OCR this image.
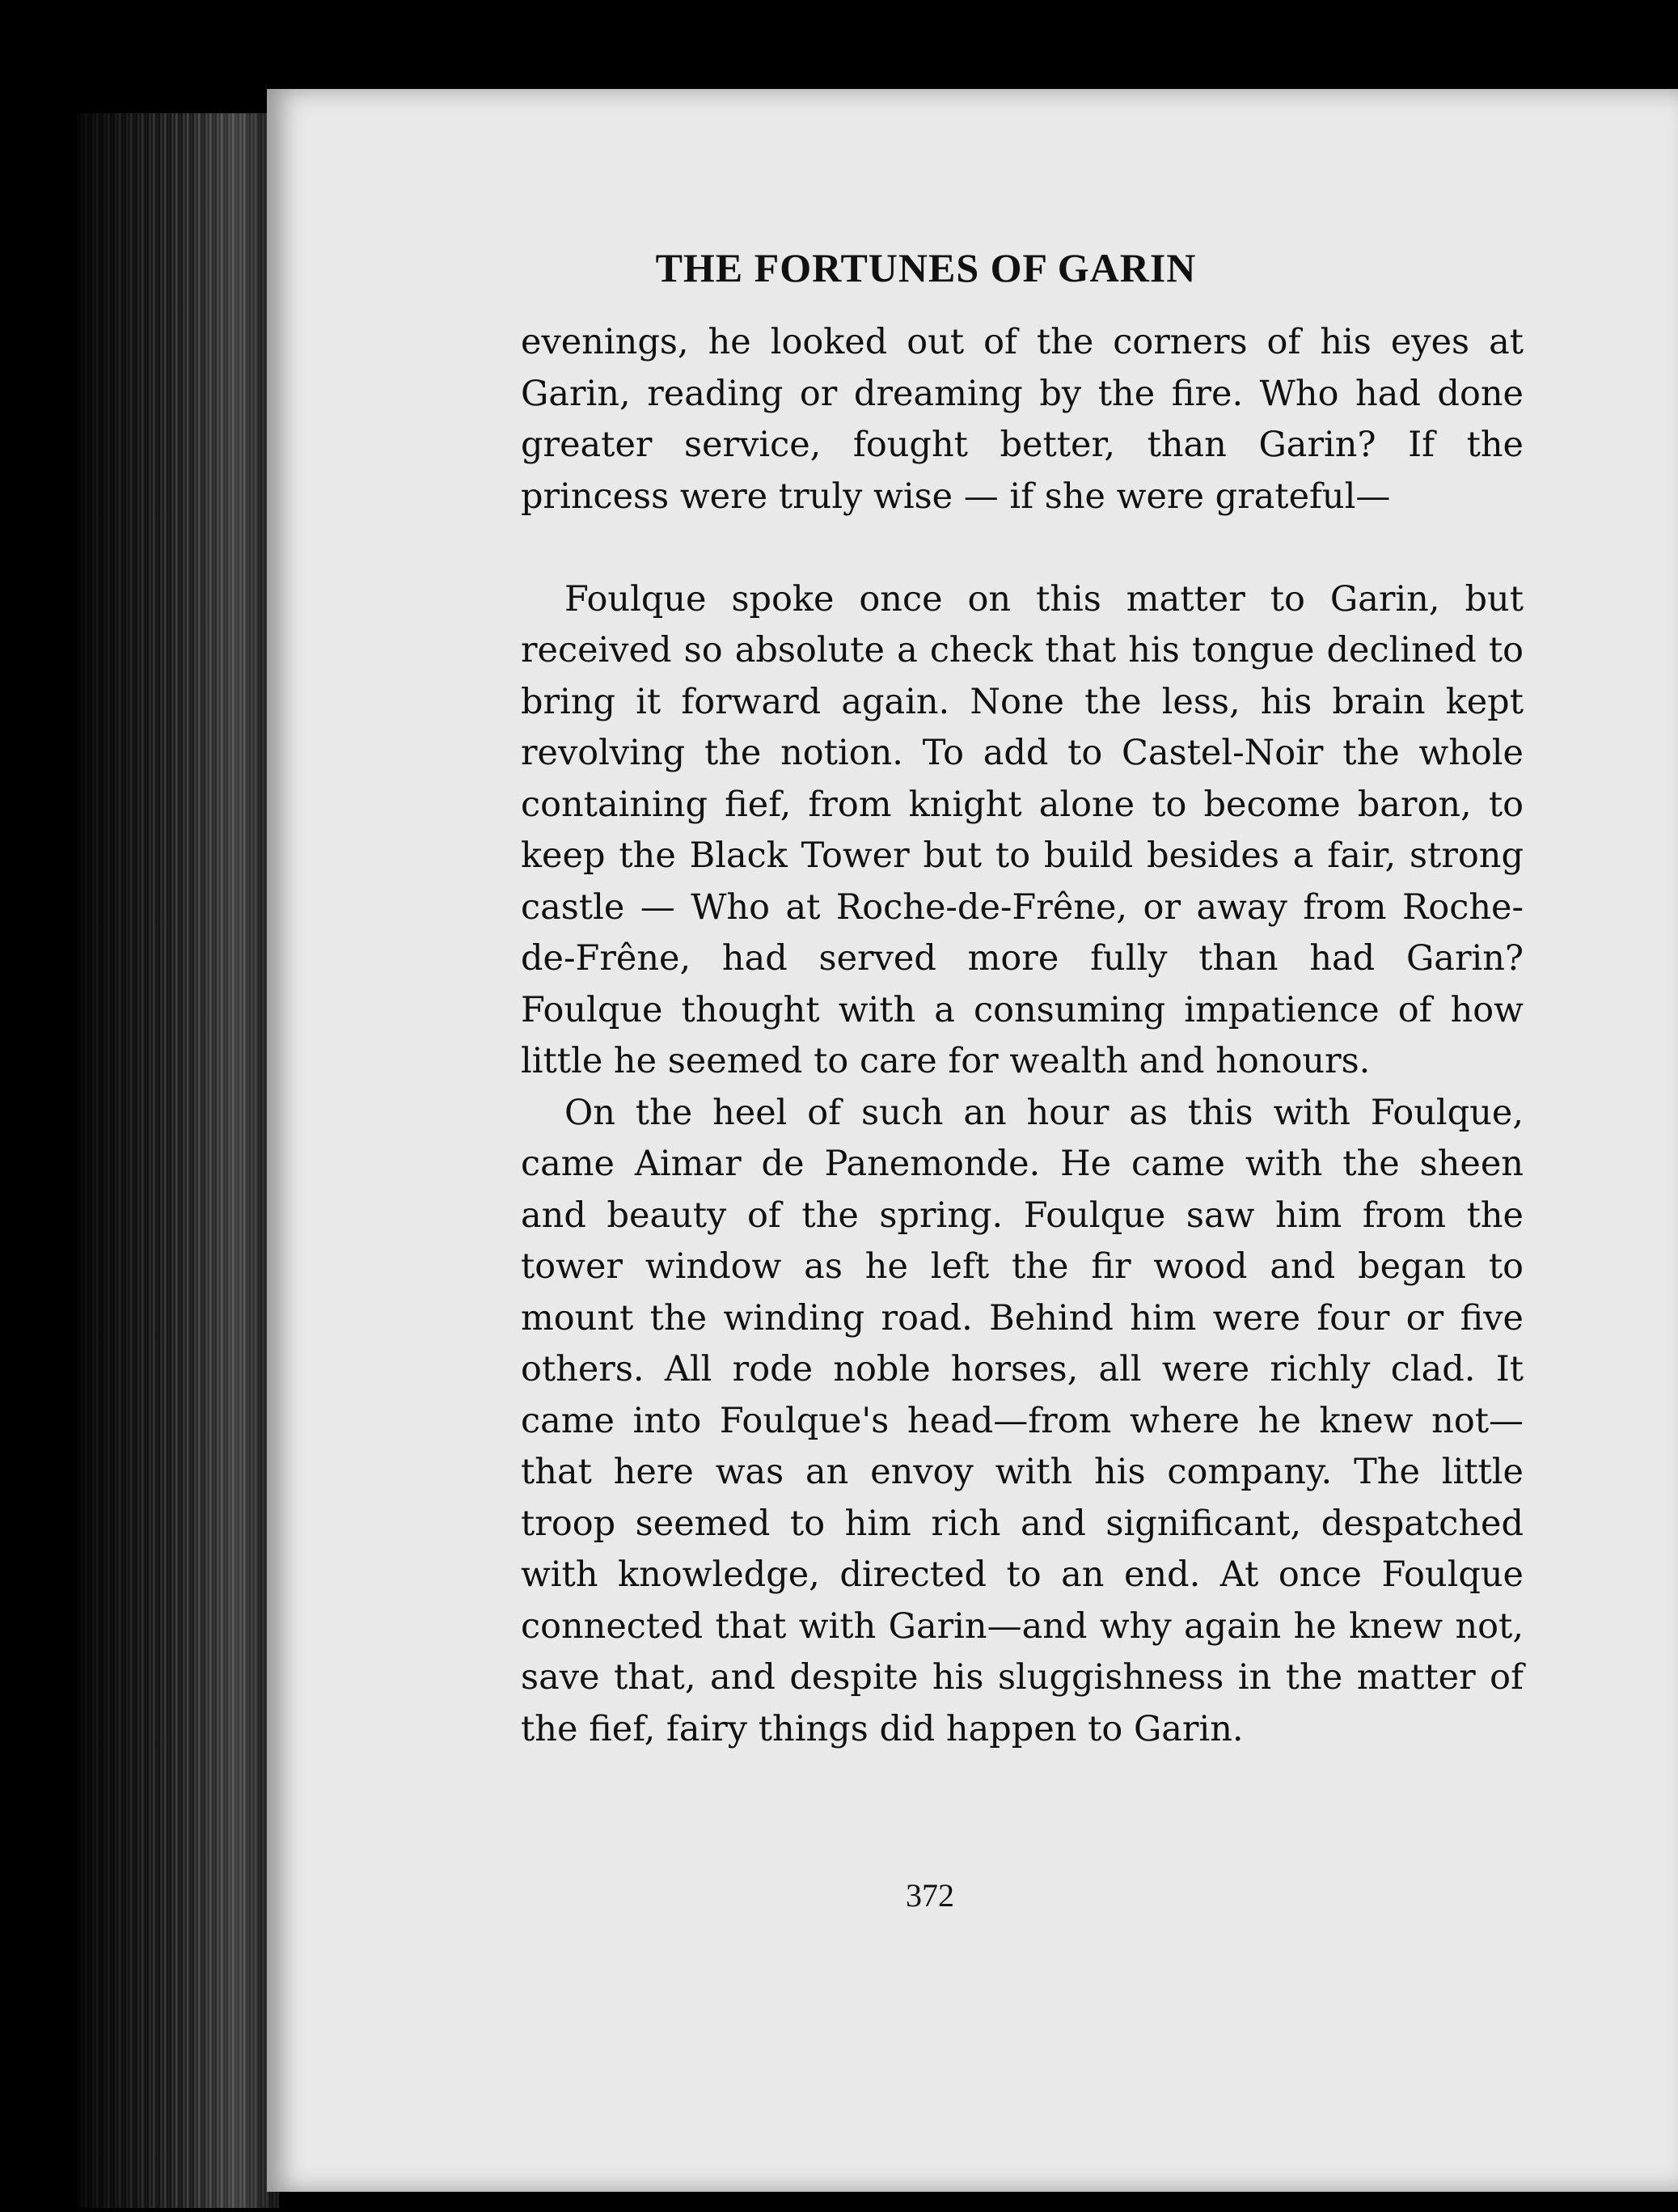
THE FORTUNES OF GARIN

evenings, he looked out of the corners of his eyes at Garin, reading or dreaming by the fire. Who had done greater service, fought better, than Garin? If the princess were truly wise — if she were grateful—

Foulque spoke once on this matter to Garin, but received so absolute a check that his tongue declined to bring it forward again. None the less, his brain kept revolving the notion. To add to Castel-Noir the whole containing fief, from knight alone to become baron, to keep the Black Tower but to build besides a fair, strong castle — Who at Roche-de-Frêne, or away from Roche-de-Frêne, had served more fully than had Garin? Foulque thought with a consuming impatience of how little he seemed to care for wealth and honours.

On the heel of such an hour as this with Foulque, came Aimar de Panemonde. He came with the sheen and beauty of the spring. Foulque saw him from the tower window as he left the fir wood and began to mount the winding road. Behind him were four or five others. All rode noble horses, all were richly clad. It came into Foulque's head—from where he knew not—that here was an envoy with his company. The little troop seemed to him rich and significant, despatched with knowledge, directed to an end. At once Foulque connected that with Garin—and why again he knew not, save that, and despite his sluggishness in the matter of the fief, fairy things did happen to Garin.

372
